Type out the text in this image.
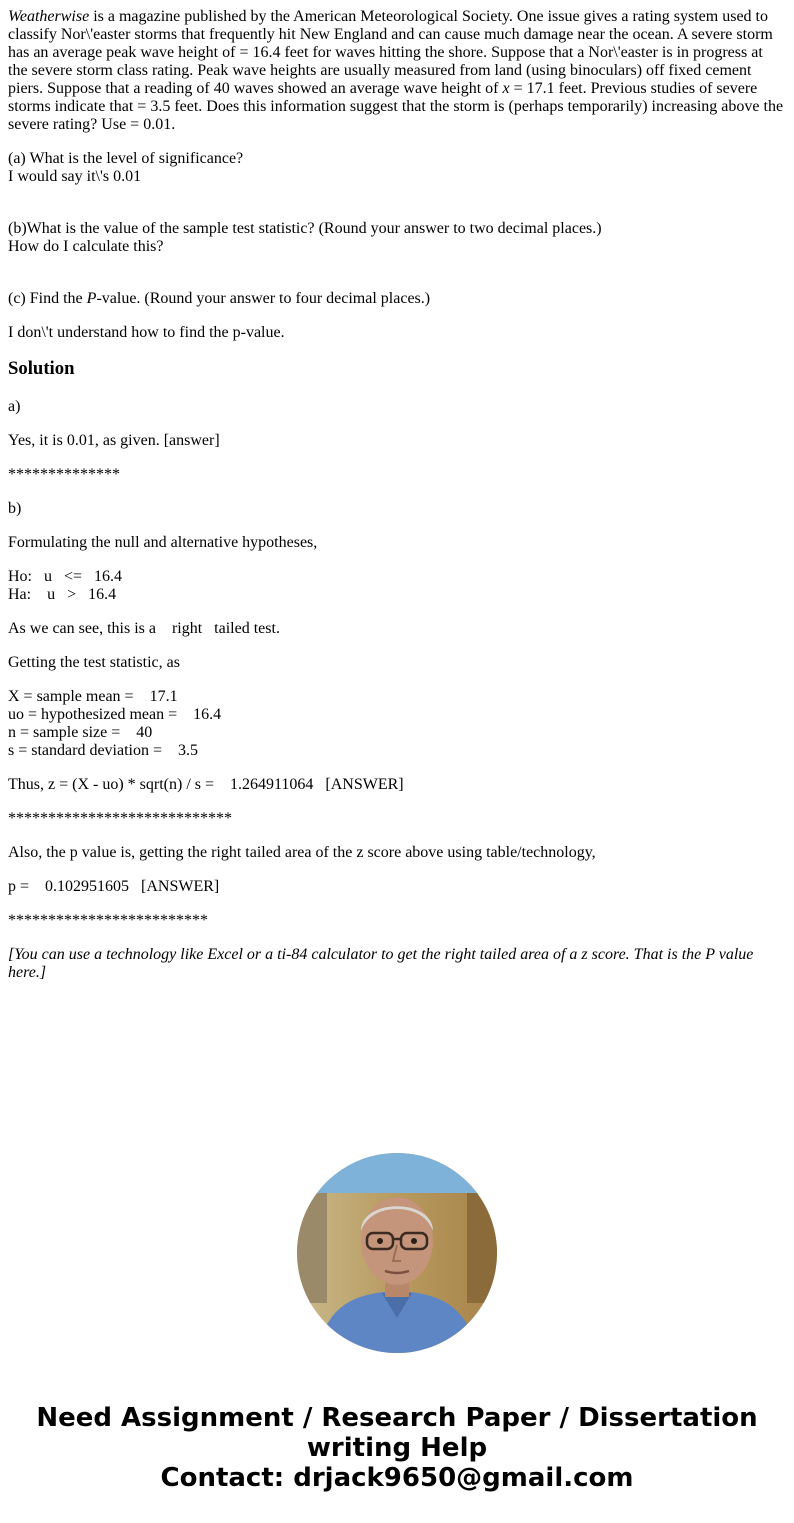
Weatherwise is a magazine published by the American Meteorological Society. One issue gives a rating system used to classify Nor\'easter storms that frequently hit New England and can cause much damage near the ocean. A severe storm has an average peak wave height of = 16.4 feet for waves hitting the shore. Suppose that a Nor\'easter is in progress at the severe storm class rating. Peak wave heights are usually measured from land (using binoculars) off fixed cement piers. Suppose that a reading of 40 waves showed an average wave height of x = 17.1 feet. Previous studies of severe storms indicate that = 3.5 feet. Does this information suggest that the storm is (perhaps temporarily) increasing above the severe rating? Use = 0.01.

(a) What is the level of significance?

I would say it\'s 0.01

(b)What is the value of the sample test statistic? (Round your answer to two decimal places.)

How do I calculate this?

(c) Find the P-value. (Round your answer to four decimal places.)

I don\'t understand how to find the p-value.

Solution

a)

Yes, it is 0.01, as given. [answer]

**************

b)

Formulating the null and alternative hypotheses,

Ho:   u   <=   16.4

Ha:    u   >   16.4

As we can see, this is a    right   tailed test.

Getting the test statistic, as

X = sample mean =    17.1

uo = hypothesized mean =    16.4

n = sample size =    40

s = standard deviation =    3.5

Thus, z = (X - uo) * sqrt(n) / s =    1.264911064   [ANSWER]

****************************

Also, the p value is, getting the right tailed area of the z score above using table/technology,

p =    0.102951605   [ANSWER]

*************************

[You can use a technology like Excel or a ti-84 calculator to get the right tailed area of a z score. That is the P value here.]

Need Assignment / Research Paper / Dissertation
writing Help
Contact: drjack9650@gmail.com
